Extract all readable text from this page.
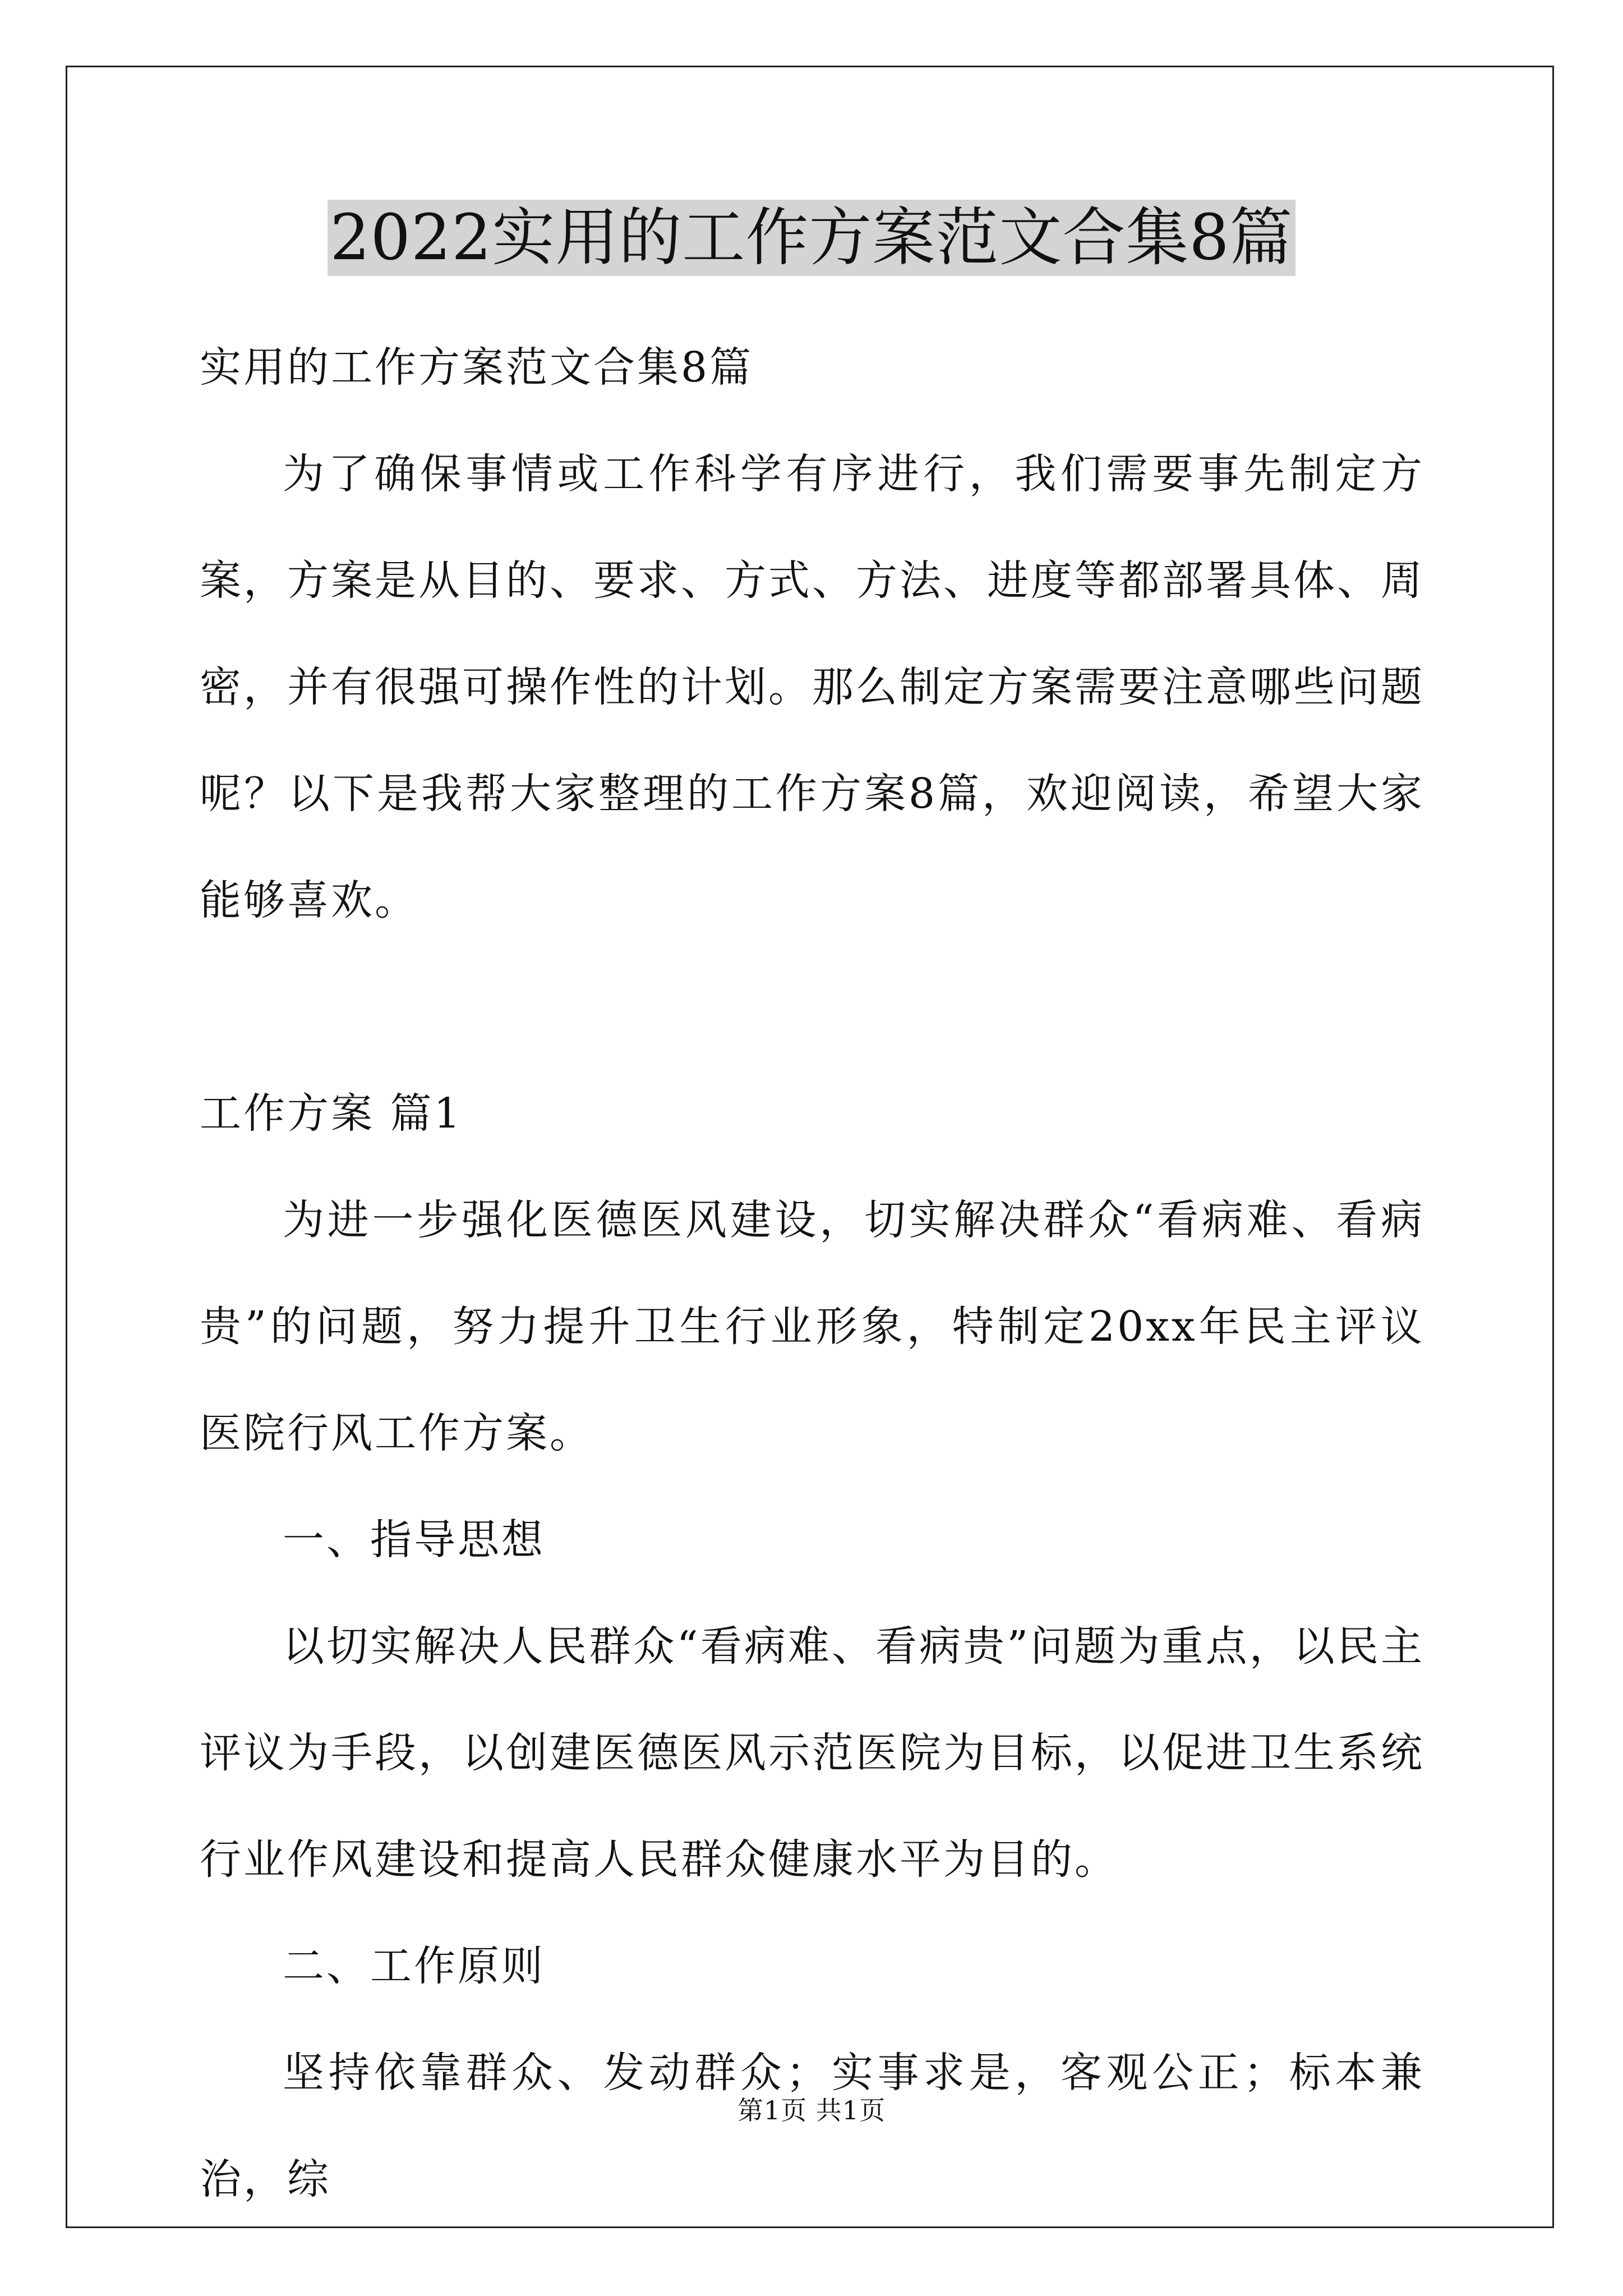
2022实用的工作方案范文合集8篇

实用的工作方案范文合集8篇

为了确保事情或工作科学有序进行，我们需要事先制定方案，方案是从目的、要求、方式、方法、进度等都部署具体、周密，并有很强可操作性的计划。那么制定方案需要注意哪些问题呢？以下是我帮大家整理的工作方案8篇，欢迎阅读，希望大家能够喜欢。

工作方案 篇1

为进一步强化医德医风建设，切实解决群众“看病难、看病贵”的问题，努力提升卫生行业形象，特制定20xx年民主评议医院行风工作方案。

一、指导思想

以切实解决人民群众“看病难、看病贵”问题为重点，以民主评议为手段，以创建医德医风示范医院为目标，以促进卫生系统行业作风建设和提高人民群众健康水平为目的。

二、工作原则

坚持依靠群众、发动群众；实事求是，客观公正；标本兼治，综

第1页 共1页
